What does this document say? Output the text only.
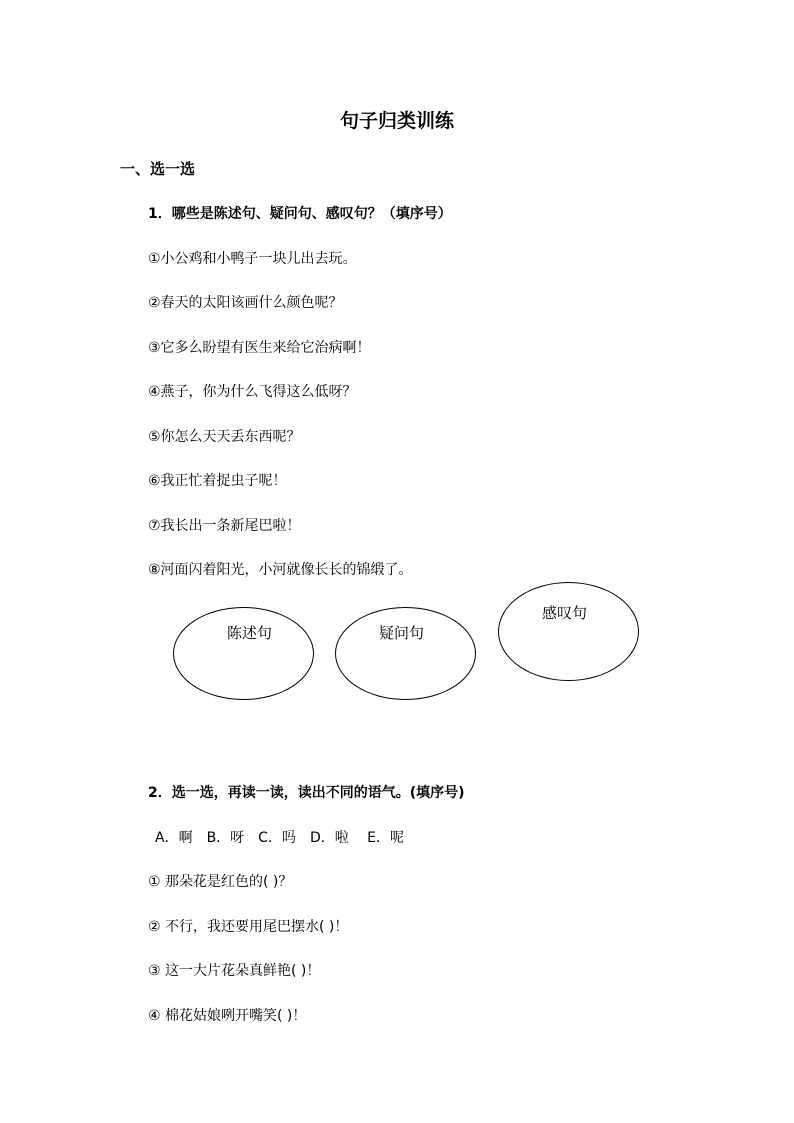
句子归类训练
一、选一选
1．哪些是陈述句、疑问句、感叹句？（填序号）
①小公鸡和小鸭子一块儿出去玩。
②春天的太阳该画什么颜色呢？
③它多么盼望有医生来给它治病啊！
④燕子，你为什么飞得这么低呀？
⑤你怎么天天丢东西呢？
⑥我正忙着捉虫子呢！
⑦我长出一条新尾巴啦！
⑧河面闪着阳光，小河就像长长的锦缎了。
陈述句	疑问句
感叹句
2．选一选，再读一读，读出不同的语气。(填序号)
A．啊　B．呀　C．吗　D．啦　 E．呢
① 那朵花是红色的( )？
② 不行，我还要用尾巴摆水( )！
③ 这一大片花朵真鲜艳( )！
④ 棉花姑娘咧开嘴笑( )！
